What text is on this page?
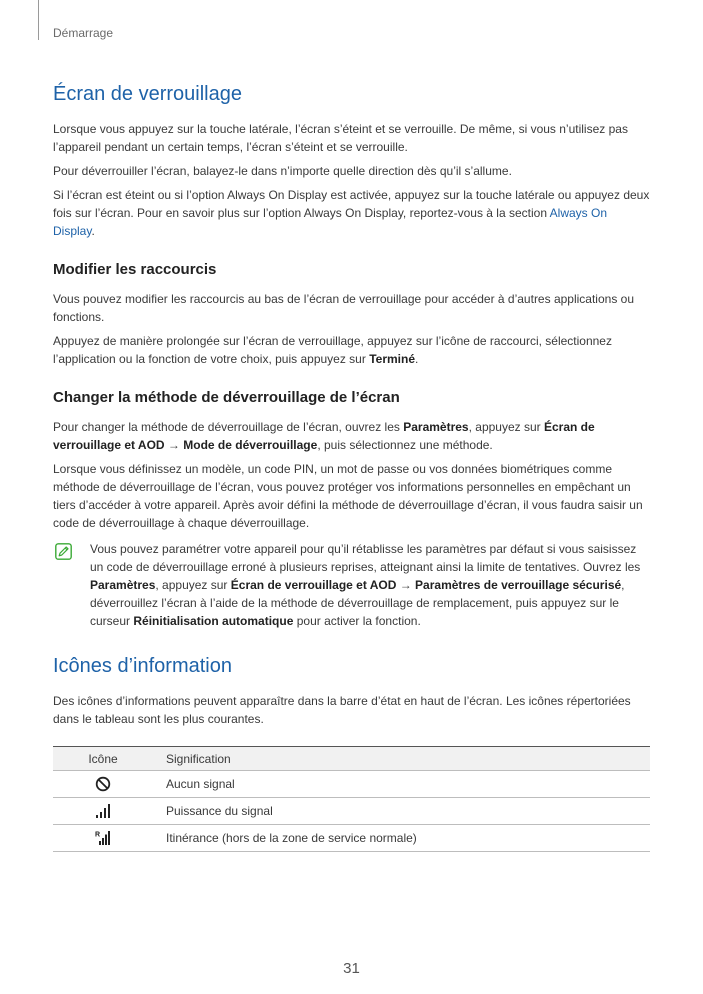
Démarrage
Écran de verrouillage

Lorsque vous appuyez sur la touche latérale, l’écran s’éteint et se verrouille. De même, si vous n’utilisez pas l’appareil pendant un certain temps, l’écran s’éteint et se verrouille.

Pour déverrouiller l’écran, balayez-le dans n’importe quelle direction dès qu’il s’allume.

Si l’écran est éteint ou si l’option Always On Display est activée, appuyez sur la touche latérale ou appuyez deux fois sur l’écran. Pour en savoir plus sur l’option Always On Display, reportez-vous à la section Always On Display.

Modifier les raccourcis

Vous pouvez modifier les raccourcis au bas de l’écran de verrouillage pour accéder à d’autres applications ou fonctions.

Appuyez de manière prolongée sur l’écran de verrouillage, appuyez sur l’icône de raccourci, sélectionnez l’application ou la fonction de votre choix, puis appuyez sur Terminé.

Changer la méthode de déverrouillage de l’écran

Pour changer la méthode de déverrouillage de l’écran, ouvrez les Paramètres, appuyez sur Écran de verrouillage et AOD → Mode de déverrouillage, puis sélectionnez une méthode.

Lorsque vous définissez un modèle, un code PIN, un mot de passe ou vos données biométriques comme méthode de déverrouillage de l’écran, vous pouvez protéger vos informations personnelles en empêchant un tiers d’accéder à votre appareil. Après avoir défini la méthode de déverrouillage d’écran, il vous faudra saisir un code de déverrouillage à chaque déverrouillage.

Vous pouvez paramétrer votre appareil pour qu’il rétablisse les paramètres par défaut si vous saisissez un code de déverrouillage erroné à plusieurs reprises, atteignant ainsi la limite de tentatives. Ouvrez les Paramètres, appuyez sur Écran de verrouillage et AOD → Paramètres de verrouillage sécurisé, déverrouillez l’écran à l’aide de la méthode de déverrouillage de remplacement, puis appuyez sur le curseur Réinitialisation automatique pour activer la fonction.

Icônes d’information

Des icônes d’informations peuvent apparaître dans la barre d’état en haut de l’écran. Les icônes répertoriées dans le tableau sont les plus courantes.

Icône	Signification
	Aucun signal
	Puissance du signal

R	Itinérance (hors de la zone de service normale)
31
